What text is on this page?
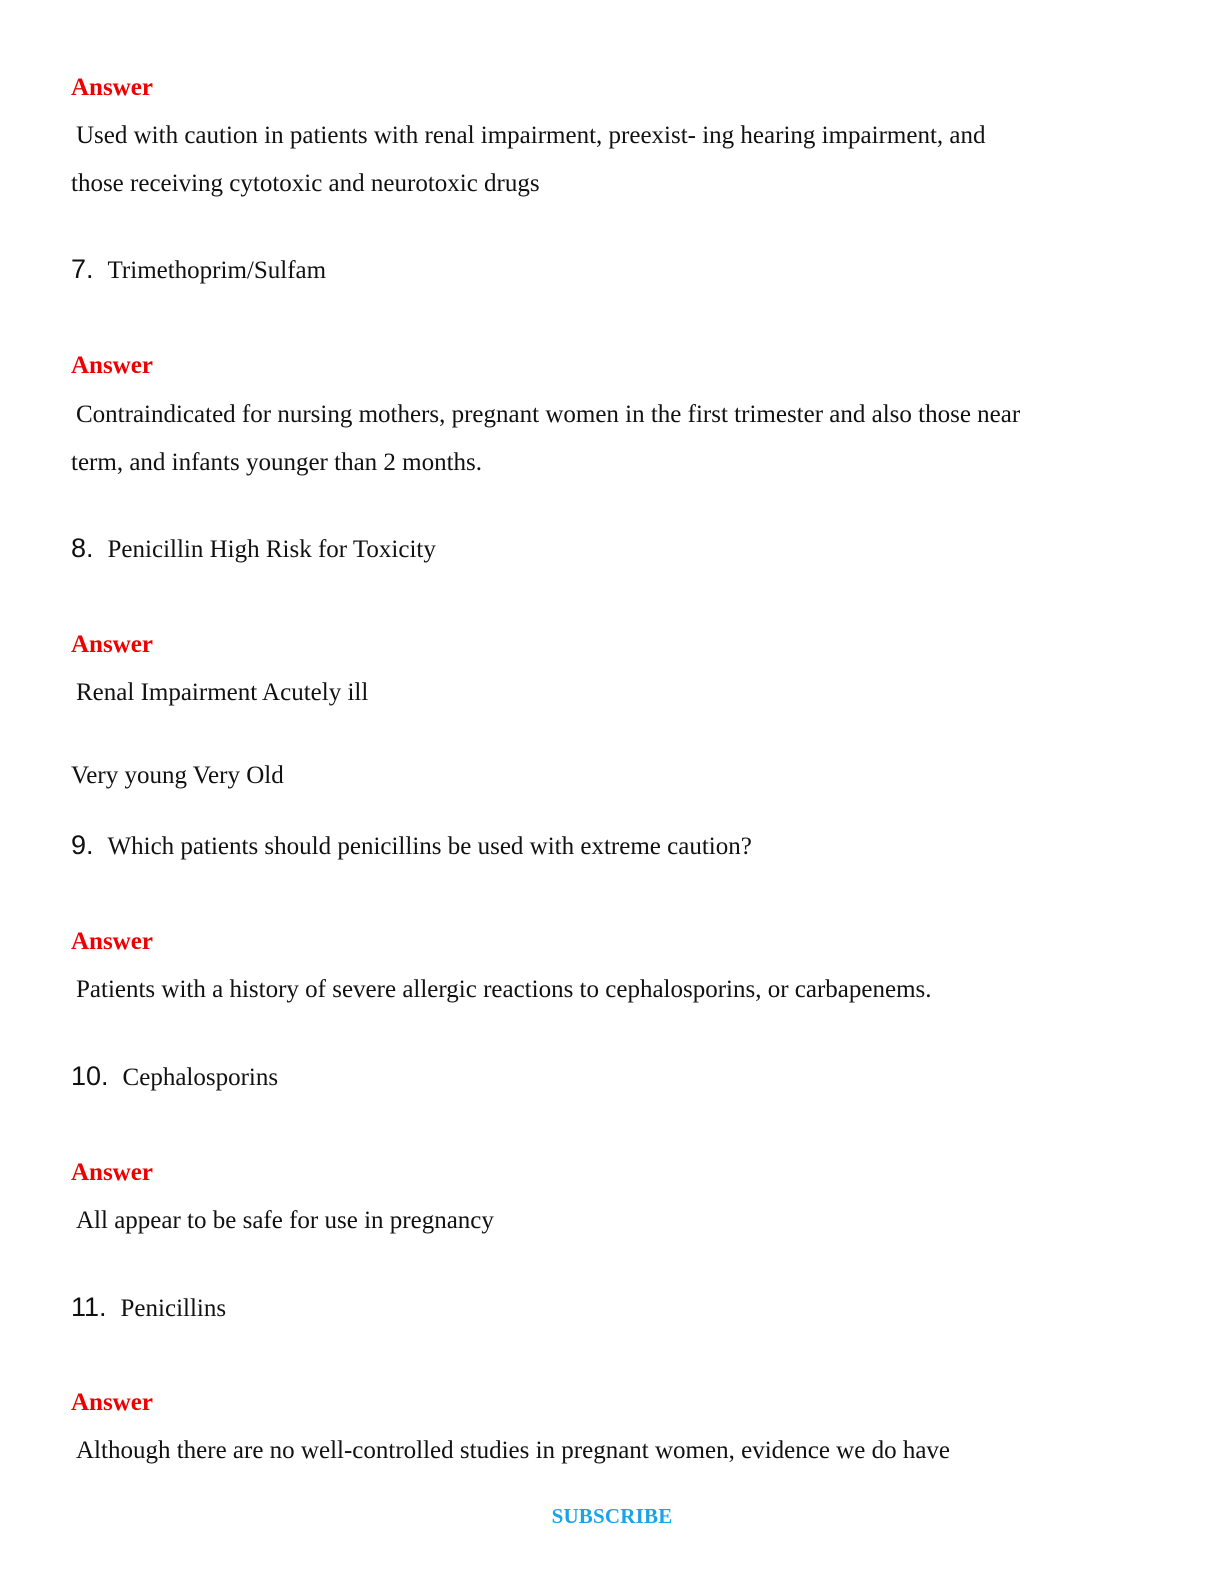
Answer
Used with caution in patients with renal impairment, preexist- ing hearing impairment, and
those receiving cytotoxic and neurotoxic drugs
7. Trimethoprim/Sulfam
Answer
Contraindicated for nursing mothers, pregnant women in the first trimester and also those near
term, and infants younger than 2 months.
8. Penicillin High Risk for Toxicity
Answer
Renal Impairment Acutely ill
Very young Very Old
9. Which patients should penicillins be used with extreme caution?
Answer
Patients with a history of severe allergic reactions to cephalosporins, or carbapenems.
10. Cephalosporins
Answer
All appear to be safe for use in pregnancy
11. Penicillins
Answer
Although there are no well-controlled studies in pregnant women, evidence we do have
SUBSCRIBE
